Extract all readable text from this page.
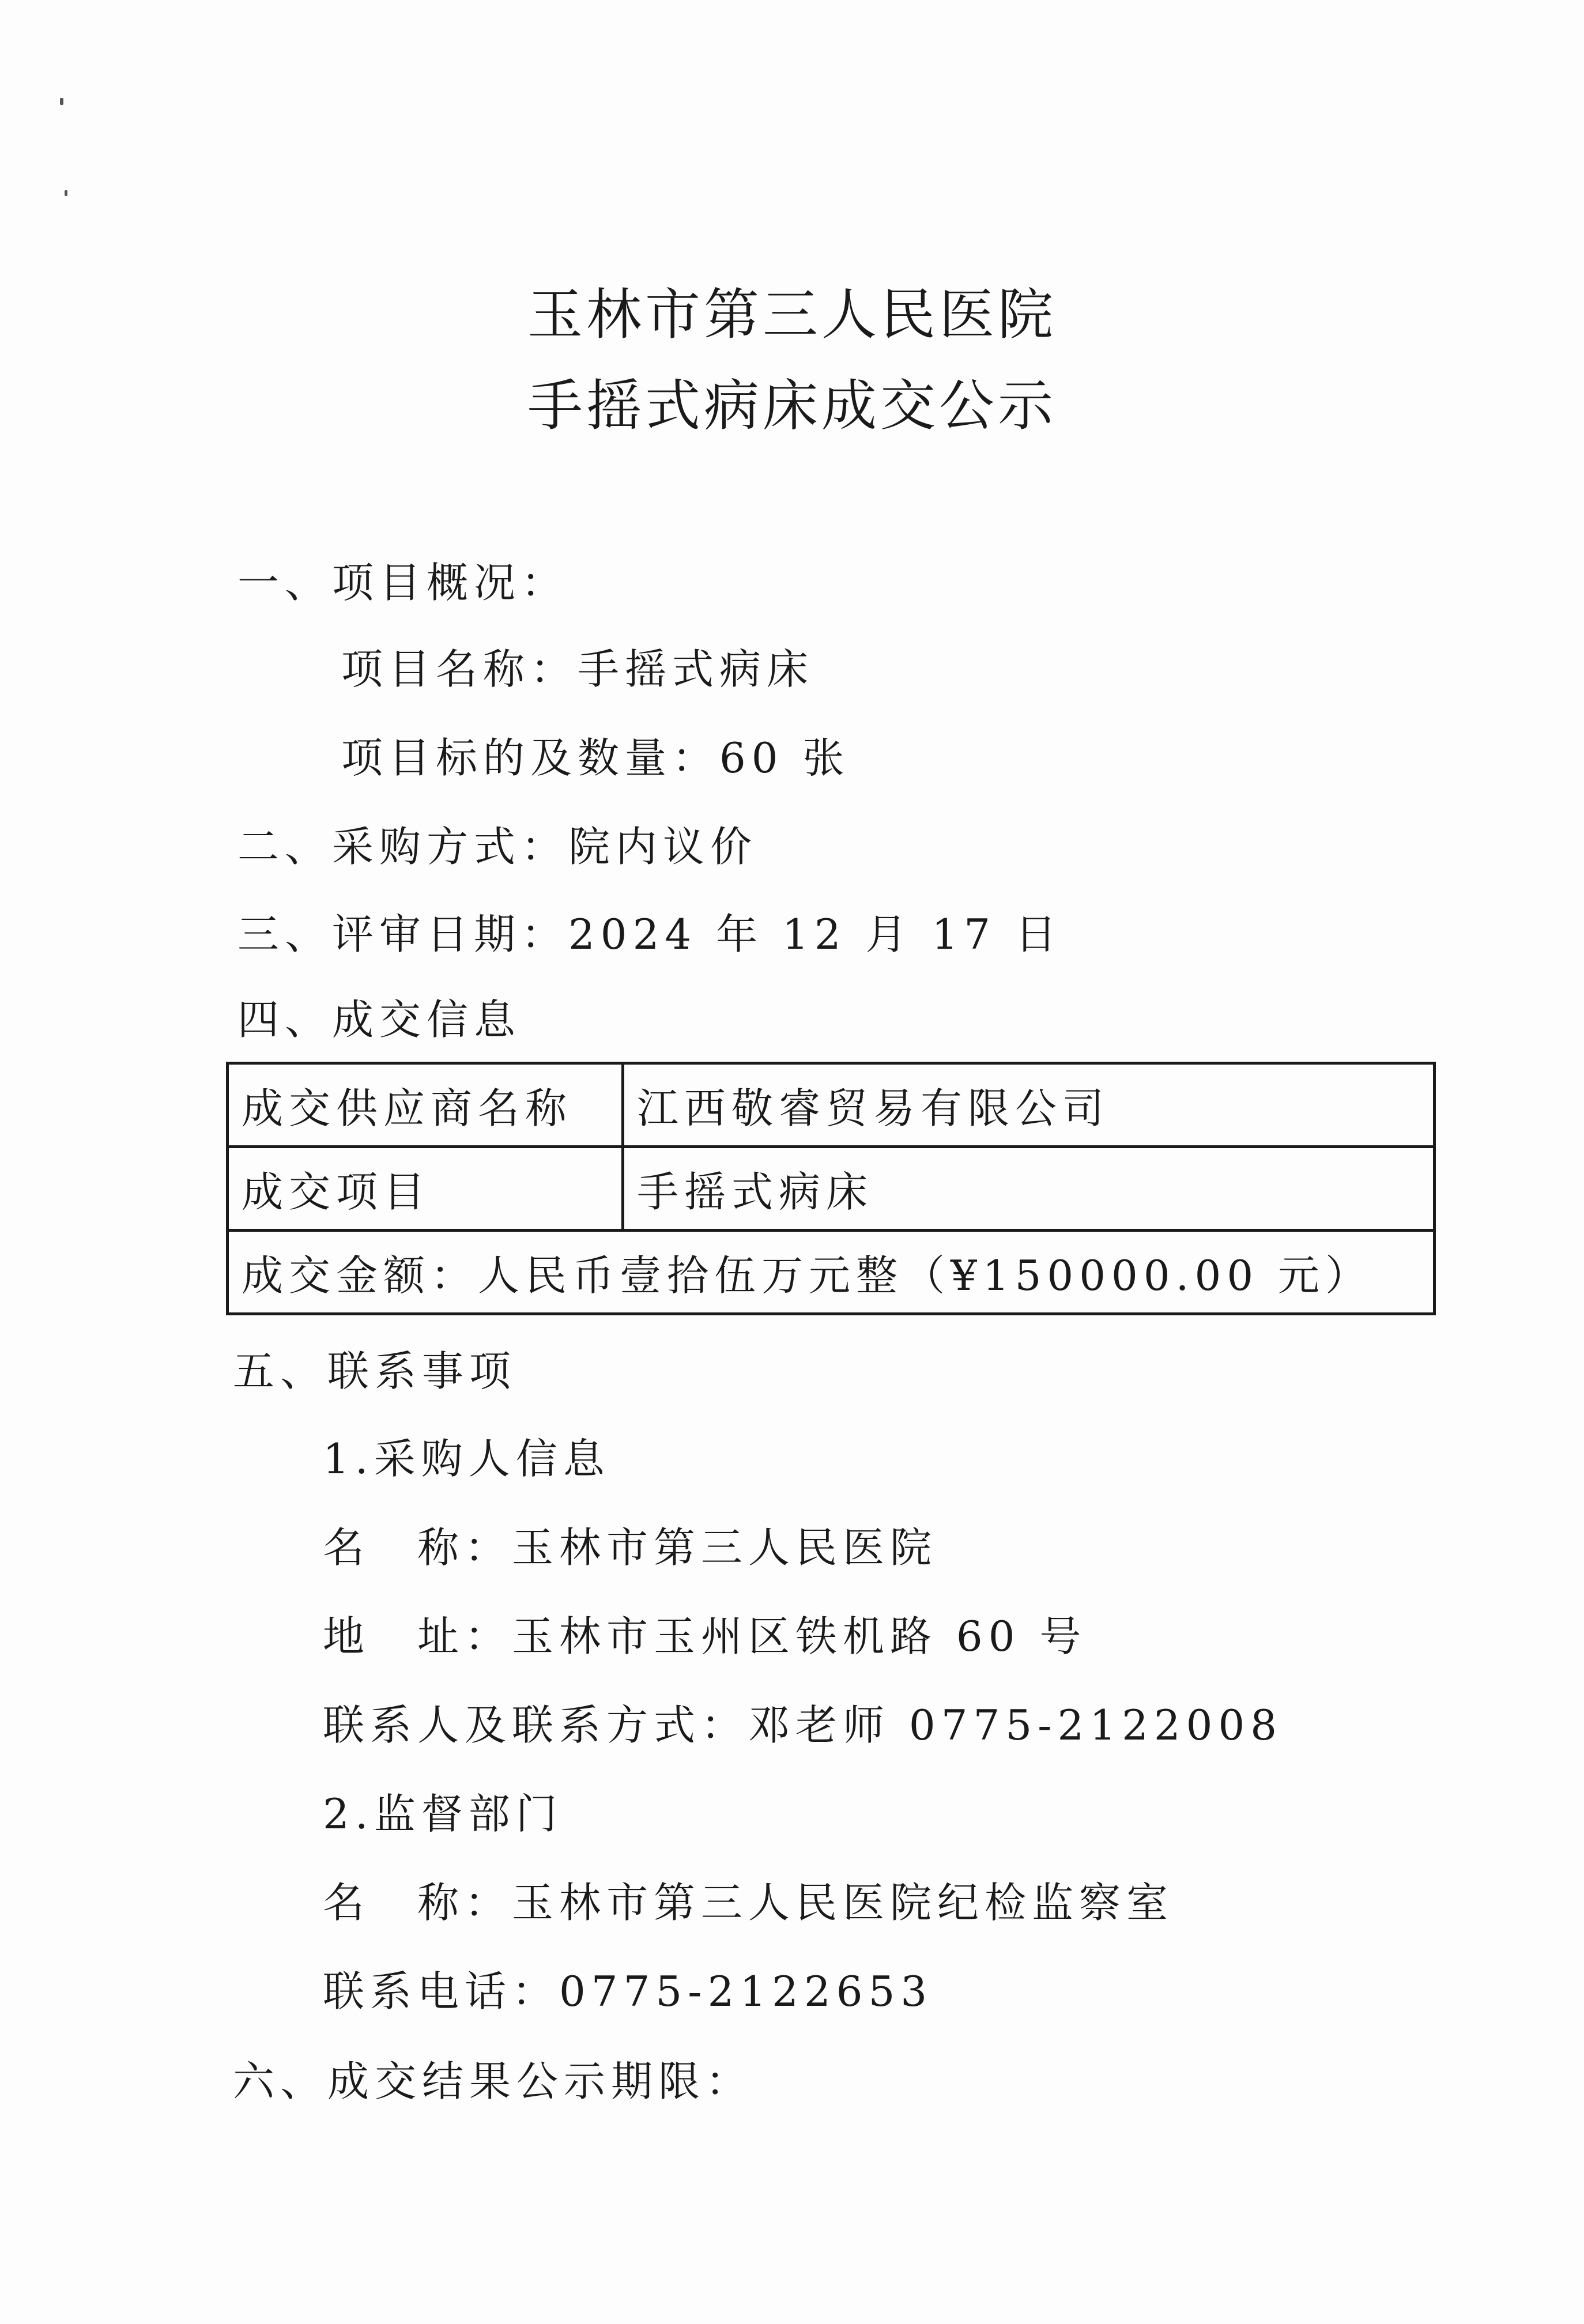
玉林市第三人民医院
手摇式病床成交公示
一、项目概况：
项目名称：手摇式病床
项目标的及数量：60 张
二、采购方式：院内议价
三、评审日期：2024 年 12 月 17 日
四、成交信息
成交供应商名称	江西敬睿贸易有限公司
成交项目	手摇式病床
成交金额：人民币壹拾伍万元整（¥150000.00 元）	
五、联系事项
1.采购人信息
名　称：玉林市第三人民医院
地　址：玉林市玉州区铁机路 60 号
联系人及联系方式：邓老师 0775-2122008
2.监督部门
名　称：玉林市第三人民医院纪检监察室
联系电话：0775-2122653
六、成交结果公示期限：
